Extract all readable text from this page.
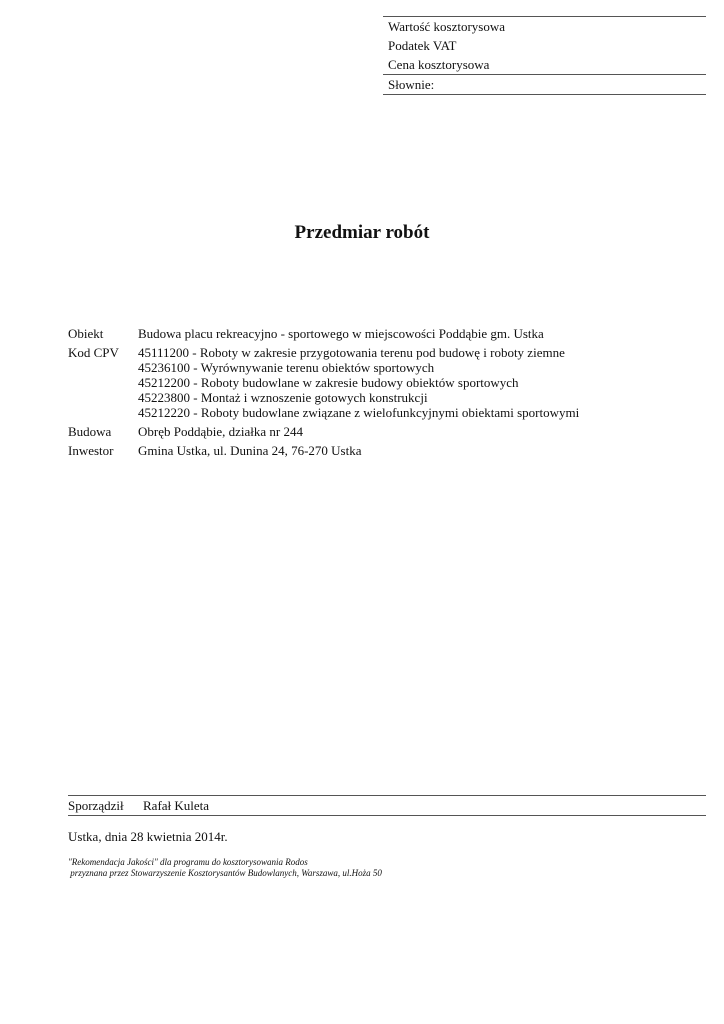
Wartość kosztorysowa
Podatek VAT
Cena kosztorysowa
Słownie:
Przedmiar robót
Obiekt	Budowa placu rekreacyjno - sportowego w miejscowości Poddąbie gm. Ustka
Kod CPV	45111200 - Roboty w zakresie przygotowania terenu pod budowę i roboty ziemne
45236100 - Wyrównywanie terenu obiektów sportowych
45212200 - Roboty budowlane w zakresie budowy obiektów sportowych
45223800 - Montaż i wznoszenie gotowych konstrukcji
45212220 - Roboty budowlane związane z wielofunkcyjnymi obiektami sportowymi
Budowa	Obręb Poddąbie, działka nr 244
Inwestor	Gmina Ustka, ul. Dunina 24, 76-270 Ustka
Sporządził Rafał Kuleta
Ustka, dnia 28 kwietnia 2014r.
"Rekomendacja Jakości" dla programu do kosztorysowania Rodos
przyznana przez Stowarzyszenie Kosztorysantów Budowlanych, Warszawa, ul.Hoża 50
